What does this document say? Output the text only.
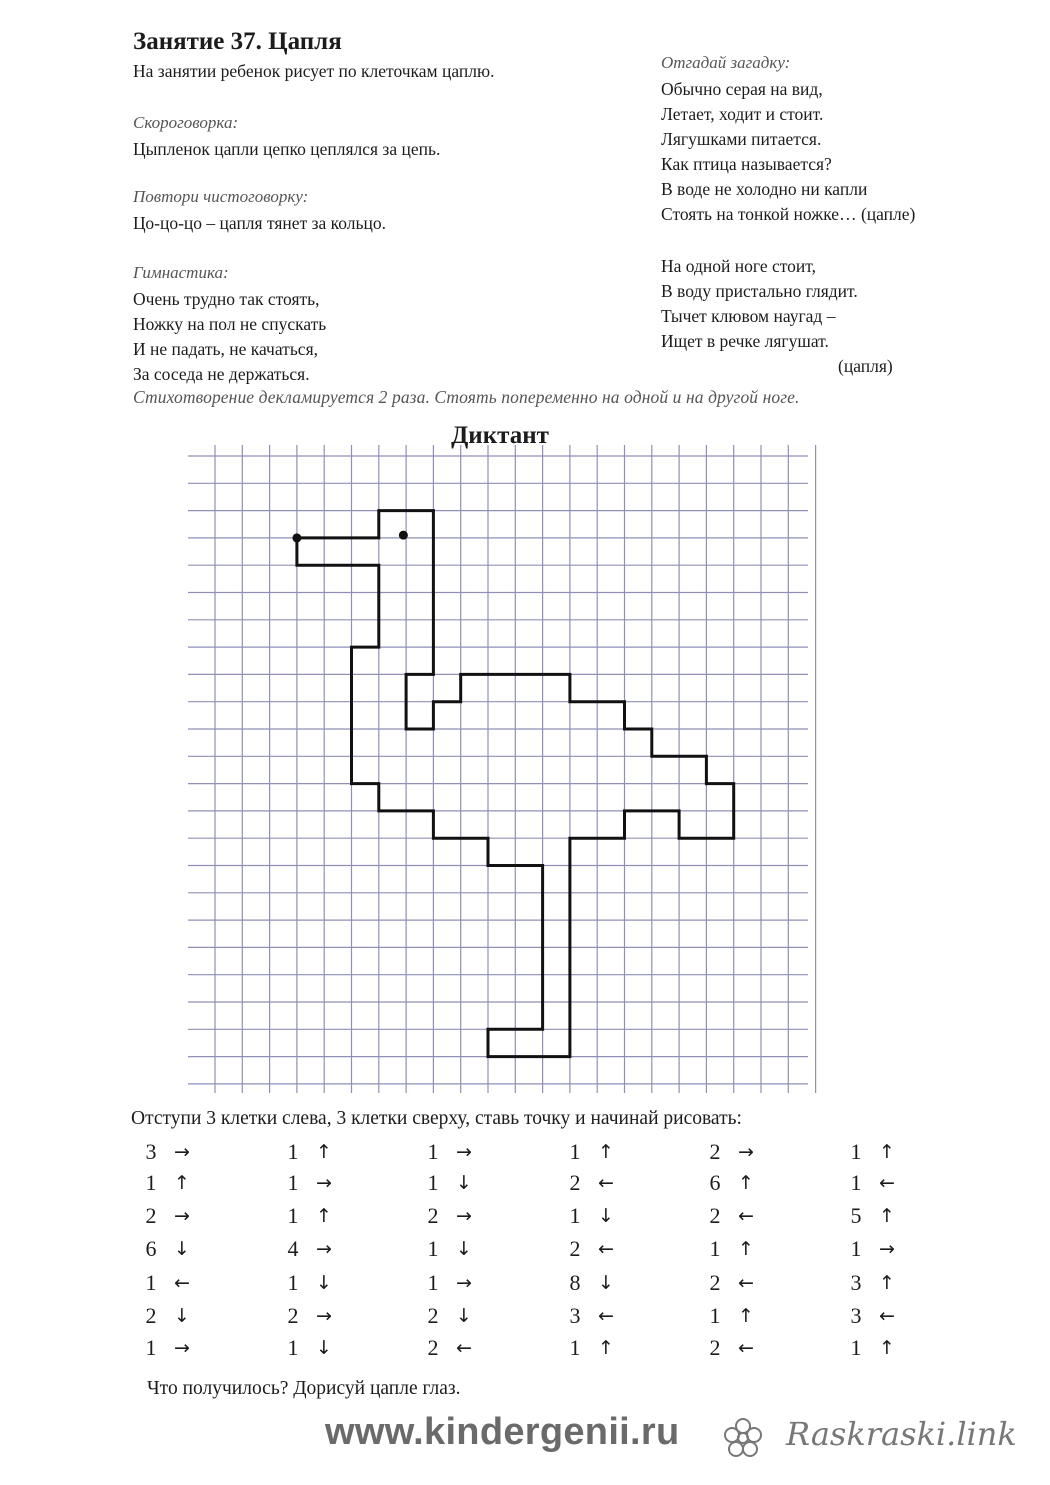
Занятие 37. Цапля
На занятии ребенок рисует по клеточкам цаплю.
Скороговорка:
Цыпленок цапли цепко цеплялся за цепь.
Повтори чистоговорку:
Цо-цо-цо – цапля тянет за кольцо.
Гимнастика:
Очень трудно так стоять,
Ножку на пол не спускать
И не падать, не качаться,
За соседа не держаться.
Стихотворение декламируется 2 раза. Стоять попеременно на одной и на другой ноге.
Отгадай загадку:
Обычно серая на вид,
Летает, ходит и стоит.
Лягушками питается.
Как птица называется?
В воде не холодно ни капли
Стоять на тонкой ножке… (цапле)
На одной ноге стоит,
В воду пристально глядит.
Тычет клювом наугад –
Ищет в речке лягушат.
(цапля)
Диктант
Отступи 3 клетки слева, 3 клетки сверху, ставь точку и начинай рисовать:
3 →
1 ↑
2 →
6 ↓
1 ←
2 ↓
1 →
1 ↑
1 →
1 ↑
4 →
1 ↓
2 →
1 ↓
1 →
1 ↓
2 →
1 ↓
1 →
2 ↓
2 ←
1 ↑
2 ←
1 ↓
2 ←
8 ↓
3 ←
1 ↑
2 →
6 ↑
2 ←
1 ↑
2 ←
1 ↑
2 ←
1 ↑
1 ←
5 ↑
1 →
3 ↑
3 ←
1 ↑
Что получилось? Дорисуй цапле глаз.
www.kindergenii.ru	Raskraski.link
